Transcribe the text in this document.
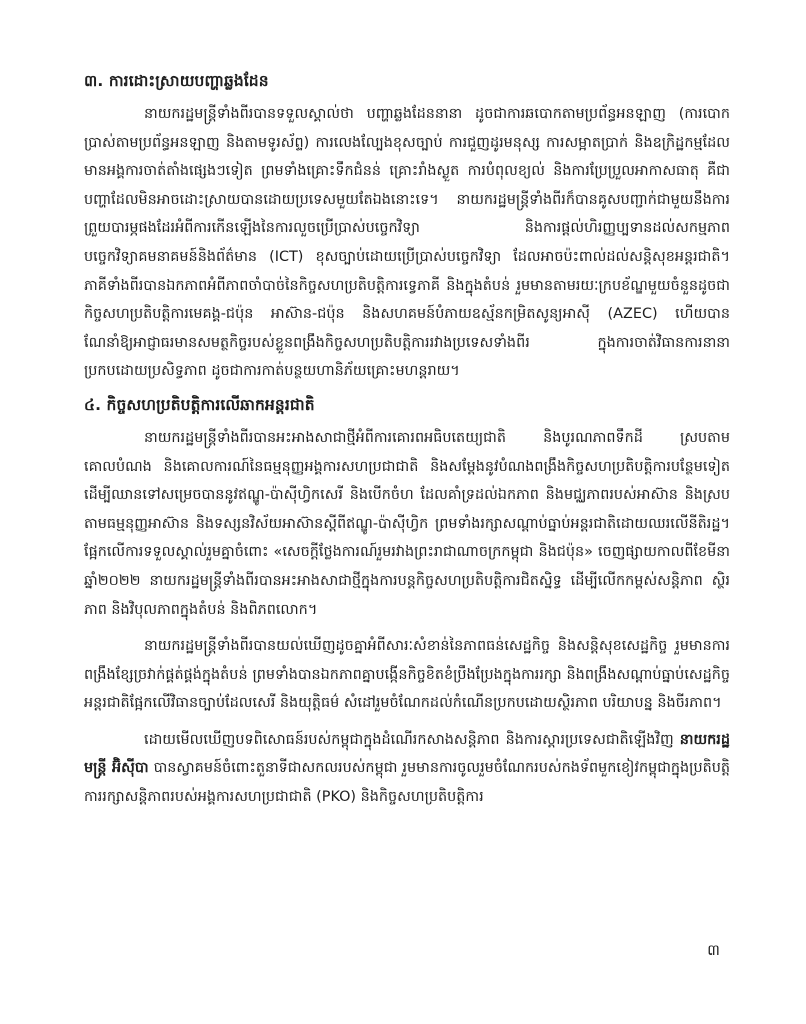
៣. ការដោះស្រាយបញ្ហាឆ្លងដែន

នាយករដ្ឋមន្ត្រីទាំងពីរបានទទួលស្គាល់ថា បញ្ហាឆ្លងដែននានា ដូចជាការឆបោកតាមប្រព័ន្ធអនឡាញ (ការបោកប្រាស់តាមប្រព័ន្ធអនឡាញ និងតាមទូរស័ព្ទ) ការលេងល្បែងខុសច្បាប់ ការជួញដូរមនុស្ស ការសម្អាតប្រាក់ និងឧក្រិដ្ឋកម្មដែលមានអង្គការចាត់តាំងផ្សេងៗទៀត ព្រមទាំងគ្រោះទឹកជំនន់ គ្រោះរាំងស្ងួត ការបំពុលខ្យល់ និងការប្រែប្រួលអាកាសធាតុ គឺជាបញ្ហាដែលមិនអាចដោះស្រាយបានដោយប្រទេសមួយតែឯងនោះទេ។ នាយករដ្ឋមន្ត្រីទាំងពីរក៏បានគូសបញ្ជាក់ជាមួយនឹងការព្រួយបារម្ភផងដែរអំពីការកើនឡើងនៃការលួចប្រើប្រាស់បច្ចេកវិទ្យា និងការផ្តល់ហិរញ្ញប្បទានដល់សកម្មភាពបច្ចេកវិទ្យាគមនាគមន៍និងព័ត៌មាន (ICT) ខុសច្បាប់ដោយប្រើប្រាស់បច្ចេកវិទ្យា ដែលអាចប៉ះពាល់ដល់សន្តិសុខអន្តរជាតិ។ ភាគីទាំងពីរបានឯកភាពអំពីភាពចាំបាច់នៃកិច្ចសហប្រតិបត្តិការទ្វេភាគី និងក្នុងតំបន់ រួមមានតាមរយៈក្របខ័ណ្ឌមួយចំនួនដូចជា កិច្ចសហប្រតិបត្តិការមេគង្គ-ជប៉ុន អាស៊ាន-ជប៉ុន និងសហគមន៍បំភាយឧស្ម័នកម្រិតសូន្យអាស៊ី (AZEC) ហើយបានណែនាំឱ្យអាជ្ញាធរមានសមត្ថកិច្ចរបស់ខ្លួនពង្រឹងកិច្ចសហប្រតិបត្តិការរវាងប្រទេសទាំងពីរ ក្នុងការចាត់វិធានការនានាប្រកបដោយប្រសិទ្ធភាព ដូចជាការកាត់បន្ថយហានិភ័យគ្រោះមហន្តរាយ។

៤. កិច្ចសហប្រតិបត្តិការលើឆាកអន្តរជាតិ

នាយករដ្ឋមន្ត្រីទាំងពីរបានអះអាងសាជាថ្មីអំពីការគោរពអធិបតេយ្យជាតិ និងបូរណភាពទឹកដី ស្របតាមគោលបំណង និងគោលការណ៍នៃធម្មនុញ្ញអង្គការសហប្រជាជាតិ និងសម្តែងនូវបំណងពង្រឹងកិច្ចសហប្រតិបត្តិការបន្ថែមទៀត ដើម្បីឈានទៅសម្រេចបាននូវឥណ្ឌូ-ប៉ាស៊ីហ្វិកសេរី និងបើកចំហ ដែលគាំទ្រដល់ឯកភាព និងមជ្ឈភាពរបស់អាស៊ាន និងស្របតាមធម្មនុញ្ញអាស៊ាន និងទស្សនវិស័យអាស៊ានស្តីពីឥណ្ឌូ-ប៉ាស៊ីហ្វិក ព្រមទាំងរក្សាសណ្តាប់ធ្នាប់អន្តរជាតិដោយឈរលើនីតិរដ្ឋ។ ផ្អែកលើការទទួលស្គាល់រួមគ្នាចំពោះ «សេចក្តីថ្លែងការណ៍រួមរវាងព្រះរាជាណាចក្រកម្ពុជា និងជប៉ុន» ចេញផ្សាយកាលពីខែមីនា ឆ្នាំ២០២២ នាយករដ្ឋមន្ត្រីទាំងពីរបានអះអាងសាជាថ្មីក្នុងការបន្តកិច្ចសហប្រតិបត្តិការជិតស្និទ្ធ ដើម្បីលើកកម្ពស់សន្តិភាព ស្ថិរភាព និងវិបុលភាពក្នុងតំបន់ និងពិភពលោក។

នាយករដ្ឋមន្ត្រីទាំងពីរបានយល់ឃើញដូចគ្នាអំពីសារៈសំខាន់នៃភាពធន់សេដ្ឋកិច្ច និងសន្តិសុខសេដ្ឋកិច្ច រួមមានការពង្រឹងខ្សែច្រវាក់ផ្គត់ផ្គង់ក្នុងតំបន់ ព្រមទាំងបានឯកភាពគ្នាបង្កើនកិច្ចខិតខំប្រឹងប្រែងក្នុងការរក្សា និងពង្រឹងសណ្តាប់ធ្នាប់សេដ្ឋកិច្ចអន្តរជាតិផ្អែកលើវិធានច្បាប់ដែលសេរី និងយុត្តិធម៌ សំដៅរួមចំណែកដល់កំណើនប្រកបដោយស្ថិរភាព បរិយាបន្ន និងចីរភាព។

ដោយមើលឃើញបទពិសោធន៍របស់កម្ពុជាក្នុងដំណើរកសាងសន្តិភាព និងការស្តារប្រទេសជាតិឡើងវិញ នាយករដ្ឋមន្ត្រី អ៊ិស៊ីបា បានស្វាគមន៍ចំពោះតួនាទីជាសកលរបស់កម្ពុជា រួមមានការចូលរួមចំណែករបស់កងទ័ពមួកខៀវកម្ពុជាក្នុងប្រតិបត្តិការរក្សាសន្តិភាពរបស់អង្គការសហប្រជាជាតិ (PKO) និងកិច្ចសហប្រតិបត្តិការ

៣
